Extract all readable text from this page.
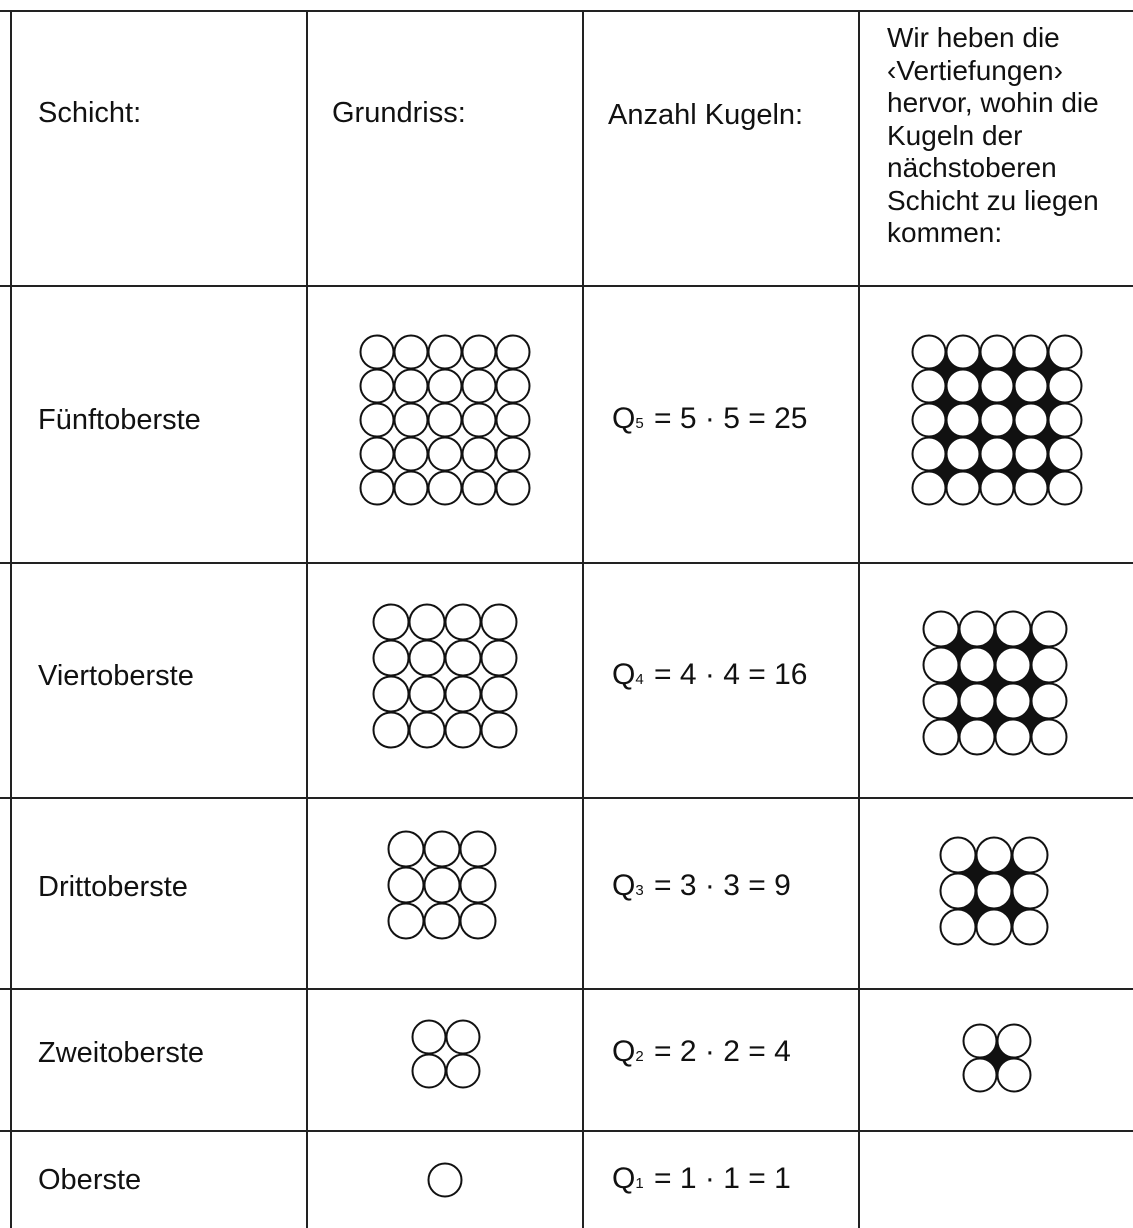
Schicht:	Grundriss:	Anzahl Kugeln:
Wir heben die ‹Vertiefungen› hervor, wohin die Kugeln der nächstoberen Schicht zu liegen kommen:
Fünftoberste
Viertoberste
Drittoberste
Zweitoberste
Oberste
Q5 = 5 · 5 = 25
Q4 = 4 · 4 = 16
Q3 = 3 · 3 = 9
Q2 = 2 · 2 = 4
Q1 = 1 · 1 = 1
